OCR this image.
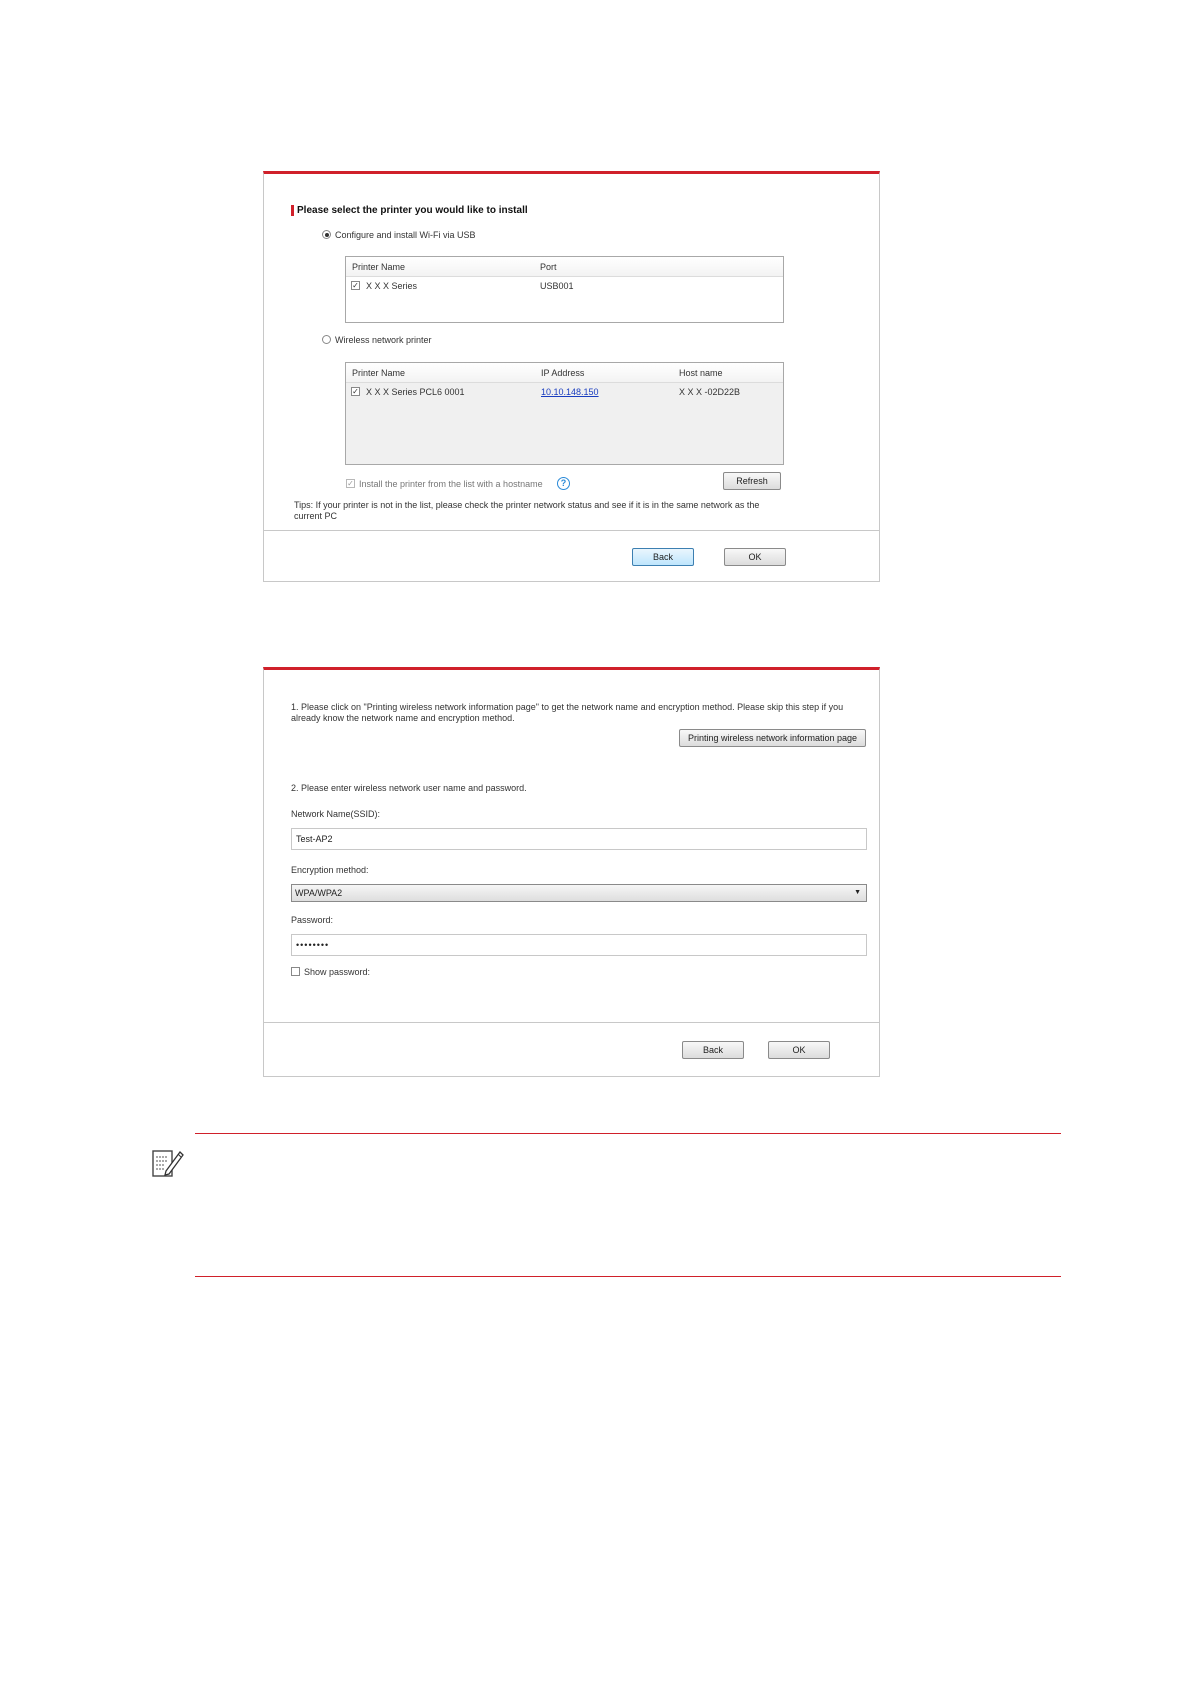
Please select the printer you would like to install
Configure and install Wi-Fi via USB
Printer Name	Port
✓ X X X Series	USB001
Wireless network printer
Printer Name	IP Address	Host name
✓ X X X Series PCL6 0001	10.10.148.150	X X X -02D22B
✓ Install the printer from the list with a hostname	?	Refresh
Tips: If your printer is not in the list, please check the printer network status and see if it is in the same network as the
current PC
Back	OK
1. Please click on "Printing wireless network information page" to get the network name and encryption method. Please skip this step if you
already know the network name and encryption method.
Printing wireless network information page
2. Please enter wireless network user name and password.
Network Name(SSID):
Test-AP2
Encryption method:
WPA/WPA2	▼
Password:
••••••••
Show password:
Back	OK
